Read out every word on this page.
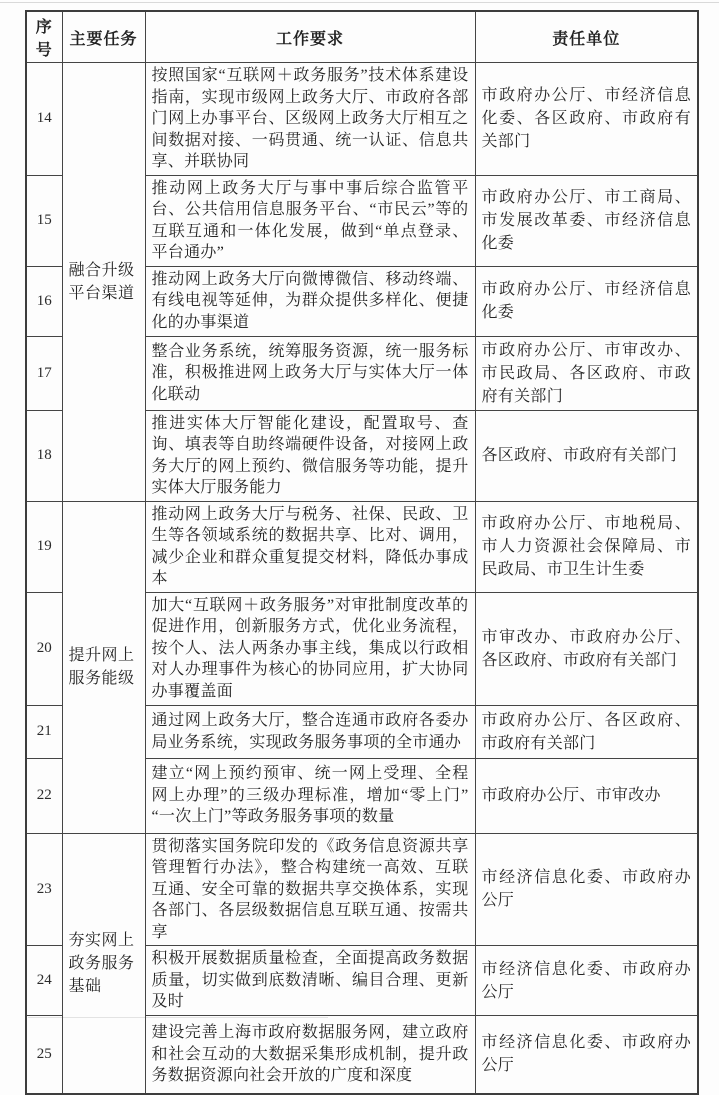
序号	主要任务	工作要求	责任单位
14	融合升级平台渠道	按照国家“互联网＋政务服务”技术体系建设指南，实现市级网上政务大厅、市政府各部门网上办事平台、区级网上政务大厅相互之间数据对接、一码贯通、统一认证、信息共享、并联协同	市政府办公厅、市经济信息化委、各区政府、市政府有关部门
15		推动网上政务大厅与事中事后综合监管平台、公共信用信息服务平台、“市民云”等的互联互通和一体化发展，做到“单点登录、平台通办”	市政府办公厅、市工商局、市发展改革委、市经济信息化委
16		推动网上政务大厅向微博微信、移动终端、有线电视等延伸，为群众提供多样化、便捷化的办事渠道	市政府办公厅、市经济信息化委
17		整合业务系统，统筹服务资源，统一服务标准，积极推进网上政务大厅与实体大厅一体化联动	市政府办公厅、市审改办、市民政局、各区政府、市政府有关部门
18		推进实体大厅智能化建设，配置取号、查询、填表等自助终端硬件设备，对接网上政务大厅的网上预约、微信服务等功能，提升实体大厅服务能力	各区政府、市政府有关部门
19	提升网上服务能级	推动网上政务大厅与税务、社保、民政、卫生等各领域系统的数据共享、比对、调用，减少企业和群众重复提交材料，降低办事成本	市政府办公厅、市地税局、市人力资源社会保障局、市民政局、市卫生计生委
20		加大“互联网＋政务服务”对审批制度改革的促进作用，创新服务方式，优化业务流程，按个人、法人两条办事主线，集成以行政相对人办理事件为核心的协同应用，扩大协同办事覆盖面	市审改办、市政府办公厅、各区政府、市政府有关部门
21		通过网上政务大厅，整合连通市政府各委办局业务系统，实现政务服务事项的全市通办	市政府办公厅、各区政府、市政府有关部门
22		建立“网上预约预审、统一网上受理、全程网上办理”的三级办理标准，增加“零上门”“一次上门”等政务服务事项的数量	市政府办公厅、市审改办
23	夯实网上政务服务基础	贯彻落实国务院印发的《政务信息资源共享管理暂行办法》，整合构建统一高效、互联互通、安全可靠的数据共享交换体系，实现各部门、各层级数据信息互联互通、按需共享	市经济信息化委、市政府办公厅
24		积极开展数据质量检查，全面提高政务数据质量，切实做到底数清晰、编目合理、更新及时	市经济信息化委、市政府办公厅
25		建设完善上海市政府数据服务网，建立政府和社会互动的大数据采集形成机制，提升政务数据资源向社会开放的广度和深度	市经济信息化委、市政府办公厅
